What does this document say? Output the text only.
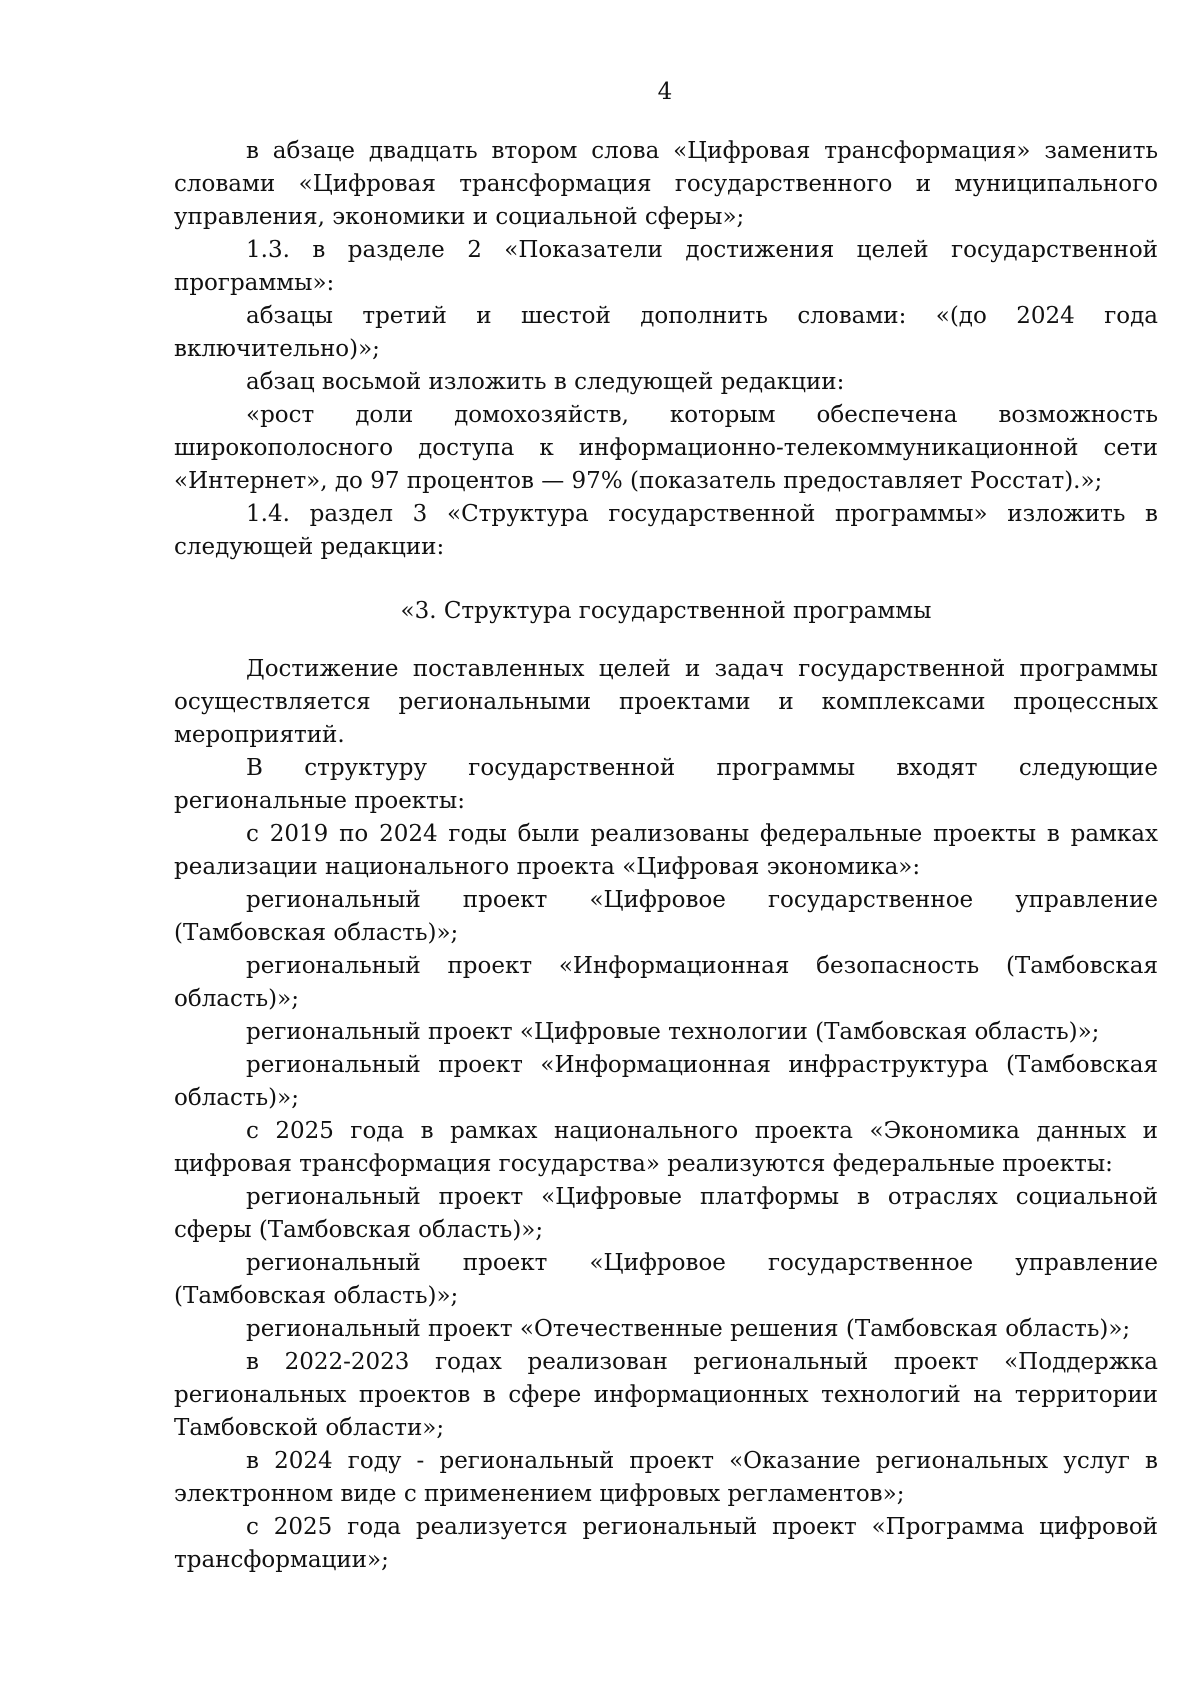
4

в абзаце двадцать втором слова «Цифровая трансформация» заменить словами «Цифровая трансформация государственного и муниципального управления, экономики и социальной сферы»;

1.3. в разделе 2 «Показатели достижения целей государственной программы»:

абзацы третий и шестой дополнить словами: «(до 2024 года включительно)»;

абзац восьмой изложить в следующей редакции:

«рост доли домохозяйств, которым обеспечена возможность широкополосного доступа к информационно-телекоммуникационной сети «Интернет», до 97 процентов — 97% (показатель предоставляет Росстат).»;

1.4. раздел 3 «Структура государственной программы» изложить в следующей редакции:

«3. Структура государственной программы

Достижение поставленных целей и задач государственной программы осуществляется региональными проектами и комплексами процессных мероприятий.

В структуру государственной программы входят следующие региональные проекты:

с 2019 по 2024 годы были реализованы федеральные проекты в рамках реализации национального проекта «Цифровая экономика»:

региональный проект «Цифровое государственное управление (Тамбовская область)»;

региональный проект «Информационная безопасность (Тамбовская область)»;

региональный проект «Цифровые технологии (Тамбовская область)»;

региональный проект «Информационная инфраструктура (Тамбовская область)»;

с 2025 года в рамках национального проекта «Экономика данных и цифровая трансформация государства» реализуются федеральные проекты:

региональный проект «Цифровые платформы в отраслях социальной сферы (Тамбовская область)»;

региональный проект «Цифровое государственное управление (Тамбовская область)»;

региональный проект «Отечественные решения (Тамбовская область)»;

в 2022-2023 годах реализован региональный проект «Поддержка региональных проектов в сфере информационных технологий на территории Тамбовской области»;

в 2024 году - региональный проект «Оказание региональных услуг в электронном виде с применением цифровых регламентов»;

с 2025 года реализуется региональный проект «Программа цифровой трансформации»;
